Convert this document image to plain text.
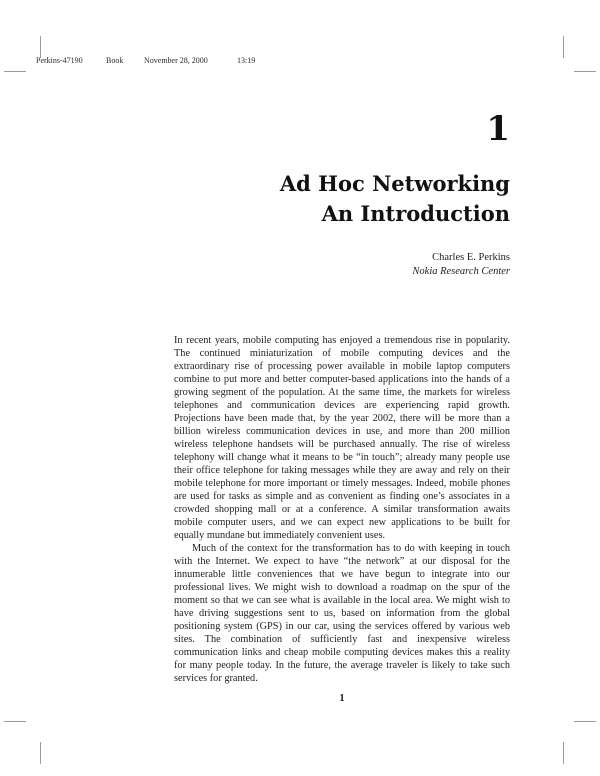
Perkins-47190	Book	November 28, 2000	13:19
1
Ad Hoc Networking
An Introduction
Charles E. Perkins
Nokia Research Center

In recent years, mobile computing has enjoyed a tremendous rise in popularity. The continued miniaturization of mobile computing devices and the extraordinary rise of processing power available in mobile laptop computers combine to put more and better computer-based applications into the hands of a growing segment of the population. At the same time, the markets for wireless telephones and communication devices are experiencing rapid growth. Projections have been made that, by the year 2002, there will be more than a billion wireless communication devices in use, and more than 200 million wireless telephone handsets will be purchased annually. The rise of wireless telephony will change what it means to be “in touch”; already many people use their office telephone for taking messages while they are away and rely on their mobile telephone for more important or timely messages. Indeed, mobile phones are used for tasks as simple and as convenient as finding one’s associates in a crowded shopping mall or at a conference. A similar transformation awaits mobile computer users, and we can expect new applications to be built for equally mundane but immediately convenient uses.

Much of the context for the transformation has to do with keeping in touch with the Internet. We expect to have “the network” at our disposal for the innumerable little conveniences that we have begun to integrate into our professional lives. We might wish to download a roadmap on the spur of the moment so that we can see what is available in the local area. We might wish to have driving suggestions sent to us, based on information from the global positioning system (GPS) in our car, using the services offered by various web sites. The combination of sufficiently fast and inexpensive wireless communication links and cheap mobile computing devices makes this a reality for many people today. In the future, the average traveler is likely to take such services for granted.

1
